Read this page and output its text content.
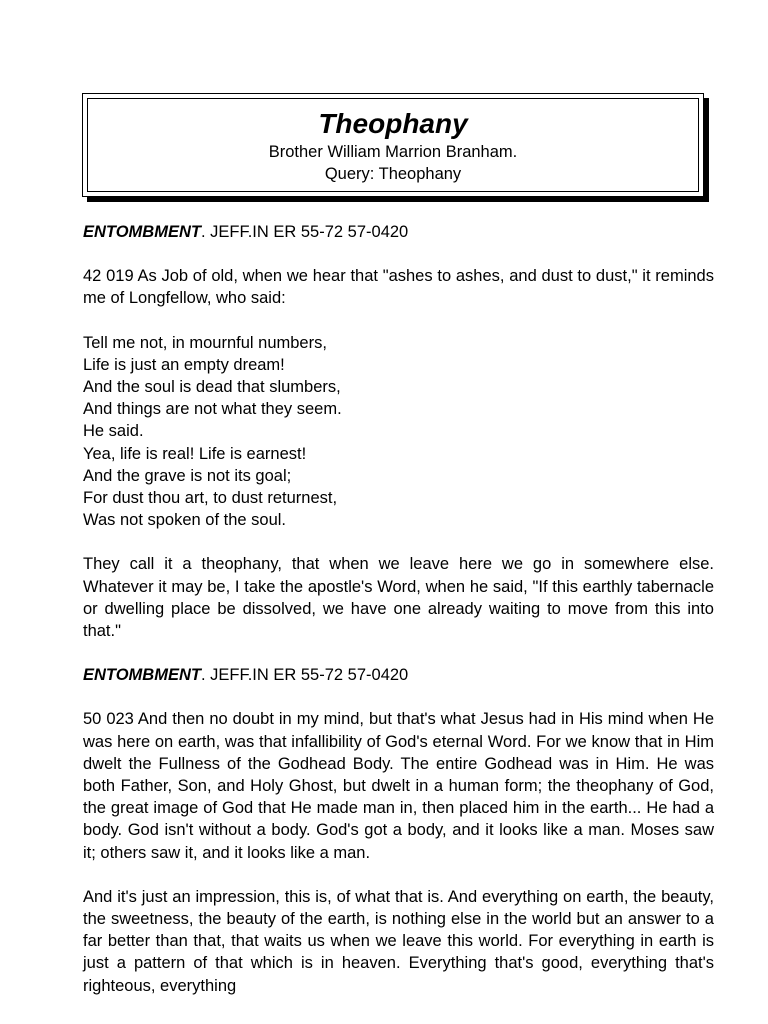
Theophany
Brother William Marrion Branham.
Query: Theophany

ENTOMBMENT. JEFF.IN ER 55-72 57-0420

42 019 As Job of old, when we hear that "ashes to ashes, and dust to dust," it reminds me of Longfellow, who said:

Tell me not, in mournful numbers,
Life is just an empty dream!
And the soul is dead that slumbers,
And things are not what they seem.
He said.
Yea, life is real! Life is earnest!
And the grave is not its goal;
For dust thou art, to dust returnest,
Was not spoken of the soul.

They call it a theophany, that when we leave here we go in somewhere else. Whatever it may be, I take the apostle's Word, when he said, "If this earthly tabernacle or dwelling place be dissolved, we have one already waiting to move from this into that."

ENTOMBMENT. JEFF.IN ER 55-72 57-0420

50 023 And then no doubt in my mind, but that's what Jesus had in His mind when He was here on earth, was that infallibility of God's eternal Word. For we know that in Him dwelt the Fullness of the Godhead Body. The entire Godhead was in Him. He was both Father, Son, and Holy Ghost, but dwelt in a human form; the theophany of God, the great image of God that He made man in, then placed him in the earth... He had a body. God isn't without a body. God's got a body, and it looks like a man. Moses saw it; others saw it, and it looks like a man.

And it's just an impression, this is, of what that is. And everything on earth, the beauty, the sweetness, the beauty of the earth, is nothing else in the world but an answer to a far better than that, that waits us when we leave this world. For everything in earth is just a pattern of that which is in heaven. Everything that's good, everything that's righteous, everything
